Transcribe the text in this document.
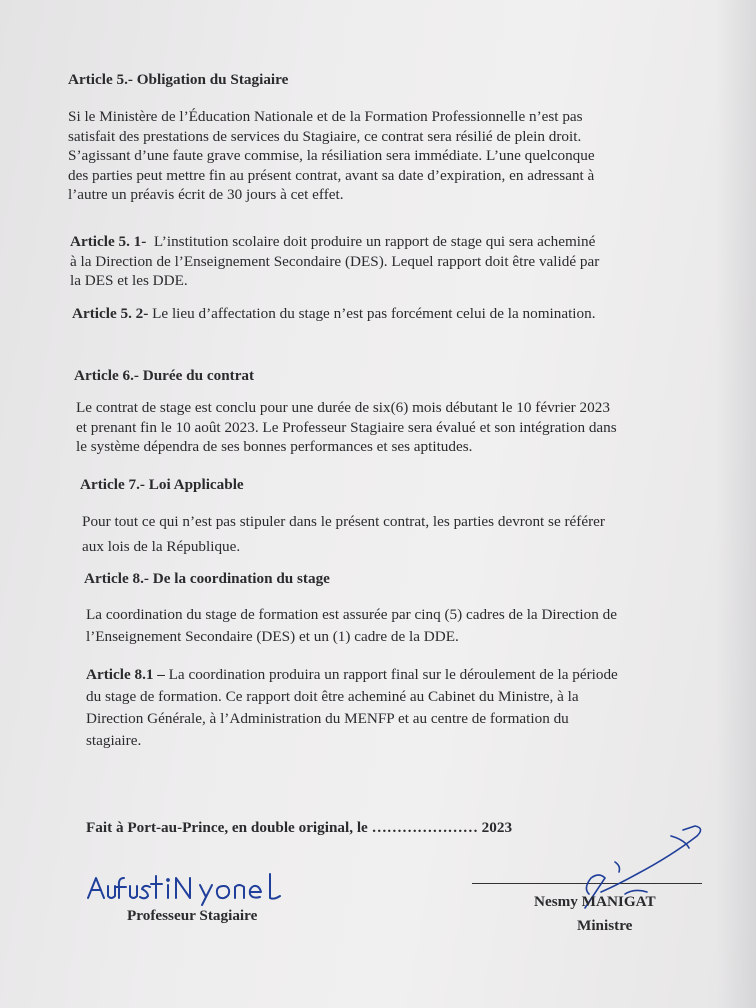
Article 5.- Obligation du Stagiaire
Si le Ministère de l’Éducation Nationale et de la Formation Professionnelle n’est pas
satisfait des prestations de services du Stagiaire, ce contrat sera résilié de plein droit.
S’agissant d’une faute grave commise, la résiliation sera immédiate. L’une quelconque
des parties peut mettre fin au présent contrat, avant sa date d’expiration, en adressant à
l’autre un préavis écrit de 30 jours à cet effet.
Article 5. 1- L’institution scolaire doit produire un rapport de stage qui sera acheminé
à la Direction de l’Enseignement Secondaire (DES). Lequel rapport doit être validé par
la DES et les DDE.
Article 5. 2- Le lieu d’affectation du stage n’est pas forcément celui de la nomination.
Article 6.- Durée du contrat
Le contrat de stage est conclu pour une durée de six(6) mois débutant le 10 février 2023
et prenant fin le 10 août 2023. Le Professeur Stagiaire sera évalué et son intégration dans
le système dépendra de ses bonnes performances et ses aptitudes.
Article 7.- Loi Applicable
Pour tout ce qui n’est pas stipuler dans le présent contrat, les parties devront se référer
aux lois de la République.
Article 8.- De la coordination du stage
La coordination du stage de formation est assurée par cinq (5) cadres de la Direction de
l’Enseignement Secondaire (DES) et un (1) cadre de la DDE.
Article 8.1 – La coordination produira un rapport final sur le déroulement de la période
du stage de formation. Ce rapport doit être acheminé au Cabinet du Ministre, à la
Direction Générale, à l’Administration du MENFP et au centre de formation du
stagiaire.
Fait à Port-au-Prince, en double original, le ………………… 2023
Professeur Stagiaire
Nesmy MANIGAT
Ministre
